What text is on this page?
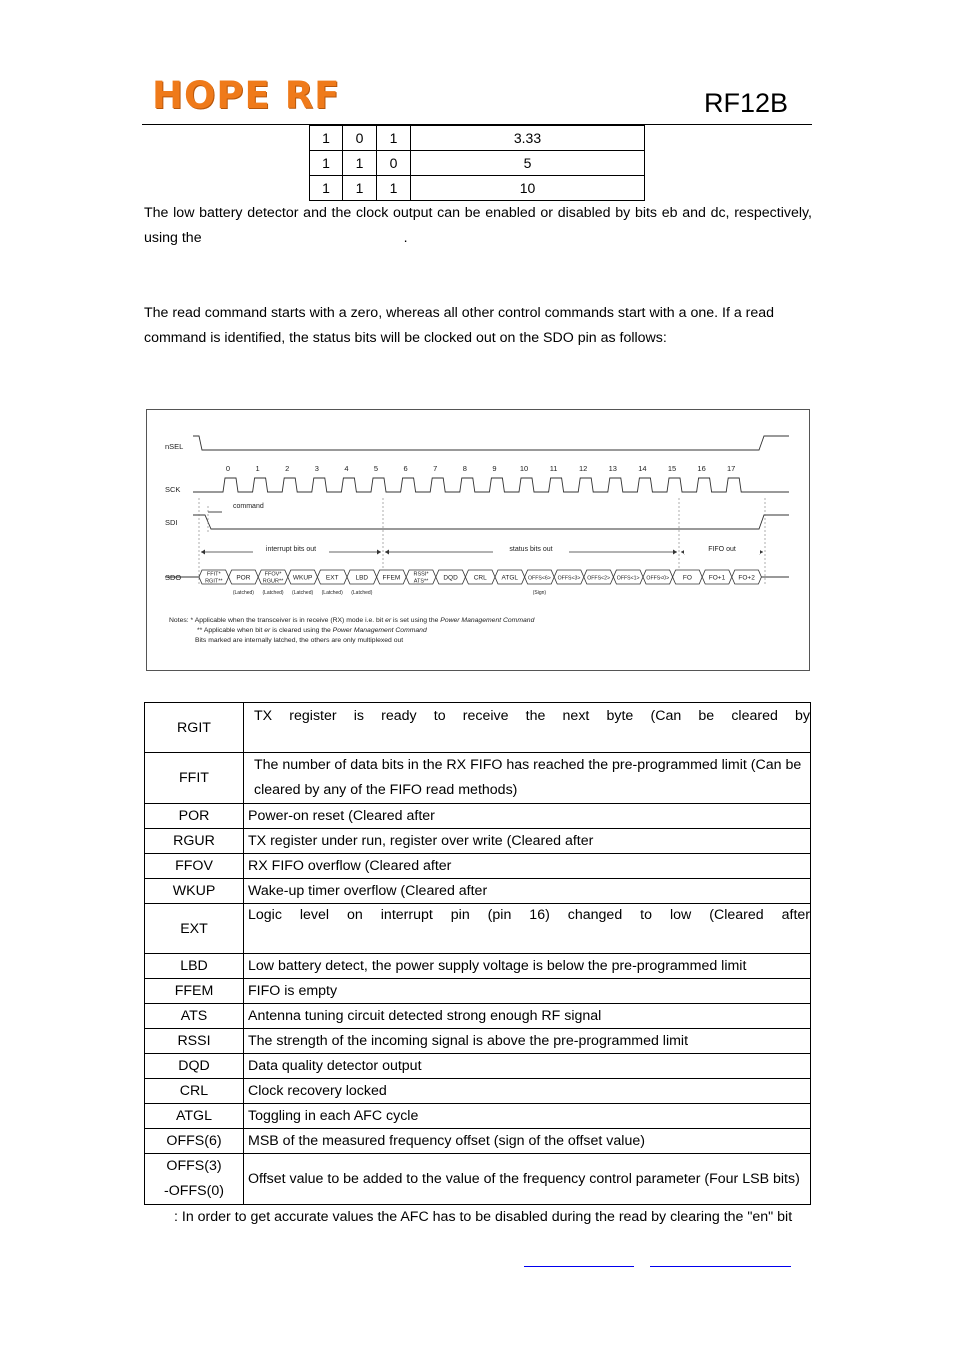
HOPE RF	RF12B
1	0	1	3.33
1	1	0	5
1	1	1	10
The low battery detector and the clock output can be enabled or disabled by bits eb and dc, respectively,
using the	.
The read command starts with a zero, whereas all other control commands start with a one. If a read
command is identified, the status bits will be clocked out on the SDO pin as follows:
nSEL
SCK
SDI
SDO
0	1	2	3	4	5	6	7	8	9	10	11	12	13	14	15	16	17
command
interrupt bits out	status bits out	FIFO out
FFIT*
RGIT** POR	FFOV*
RGUR** WKUP EXT	LBD FFEM RSSI*
ATS** DQD CRL ATGL OFFS<6> OFFS<3> OFFS<2> OFFS<1> OFFS<0> FO	FO+1 FO+2
(Latched) (Latched) (Latched) (Latched) (Latched)	(Sign)
Notes: * Applicable when the transceiver is in receive (RX) mode i.e. bit er is set using the Power Management Command
** Applicable when bit er is cleared using the Power Management Command
Bits marked are internally latched, the others are only multiplexed out
RGIT	TX register is ready to receive the next byte (Can be cleared by
FFIT	The number of data bits in the RX FIFO has reached the pre-programmed limit (Can be
cleared by any of the FIFO read methods)

POR	Power-on reset (Cleared after
RGUR	TX register under run, register over write (Cleared after
FFOV	RX FIFO overflow (Cleared after
WKUP	Wake-up timer overflow (Cleared after
EXT	Logic level on interrupt pin (pin 16) changed to low (Cleared after
LBD	Low battery detect, the power supply voltage is below the pre-programmed limit
FFEM	FIFO is empty
ATS	Antenna tuning circuit detected strong enough RF signal
RSSI	The strength of the incoming signal is above the pre-programmed limit
DQD	Data quality detector output
CRL	Clock recovery locked
ATGL	Toggling in each AFC cycle
OFFS(6)	MSB of the measured frequency offset (sign of the offset value)

OFFS(3)
-OFFS(0)	Offset value to be added to the value of the frequency control parameter (Four LSB bits)
: In order to get accurate values the AFC has to be disabled during the read by clearing the "en" bit
